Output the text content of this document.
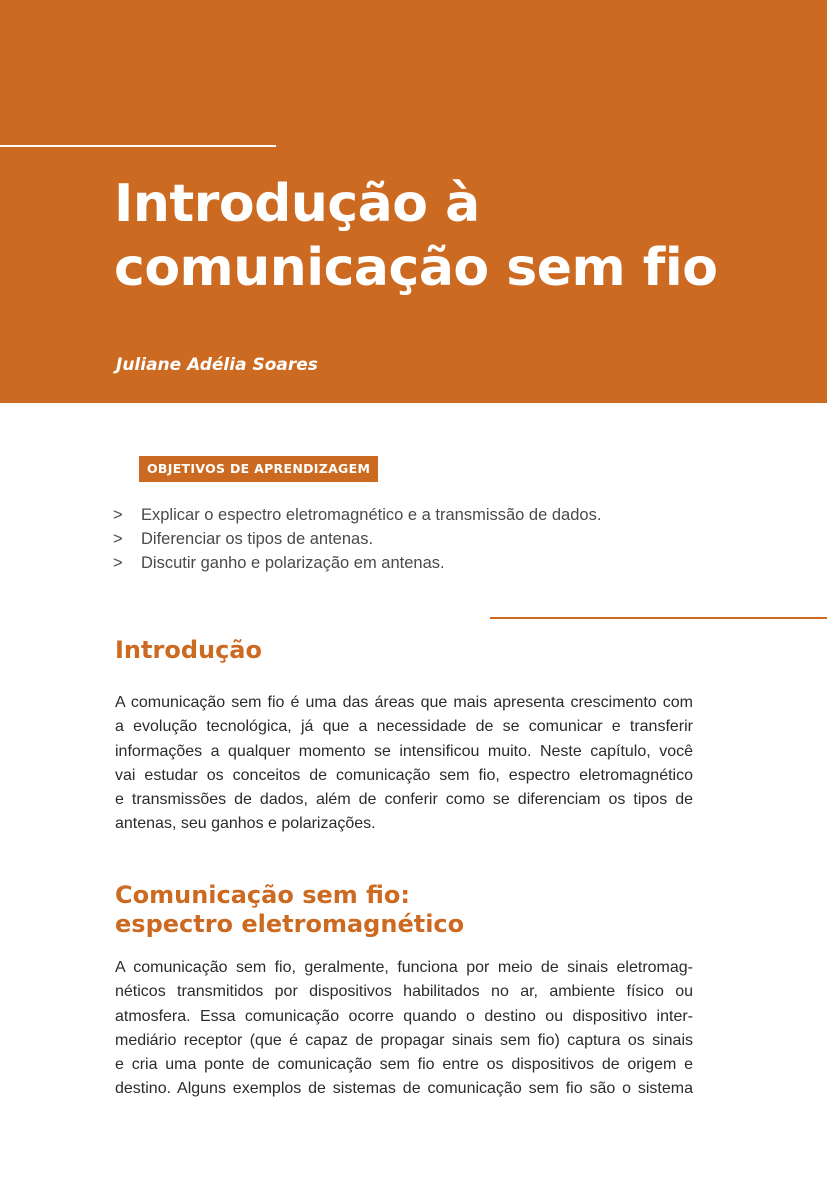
Introdução à
comunicação sem fio
Juliane Adélia Soares
OBJETIVOS DE APRENDIZAGEM
>	Explicar o espectro eletromagnético e a transmissão de dados.
>	Diferenciar os tipos de antenas.
>	Discutir ganho e polarização em antenas.
Introdução

A comunicação sem fio é uma das áreas que mais apresenta crescimento com
a evolução tecnológica, já que a necessidade de se comunicar e transferir
informações a qualquer momento se intensificou muito. Neste capítulo, você
vai estudar os conceitos de comunicação sem fio, espectro eletromagnético
e transmissões de dados, além de conferir como se diferenciam os tipos de
antenas, seu ganhos e polarizações.

Comunicação sem fio:
espectro eletromagnético

A comunicação sem fio, geralmente, funciona por meio de sinais eletromag-
néticos transmitidos por dispositivos habilitados no ar, ambiente físico ou
atmosfera. Essa comunicação ocorre quando o destino ou dispositivo inter-
mediário receptor (que é capaz de propagar sinais sem fio) captura os sinais
e cria uma ponte de comunicação sem fio entre os dispositivos de origem e
destino. Alguns exemplos de sistemas de comunicação sem fio são o sistema
